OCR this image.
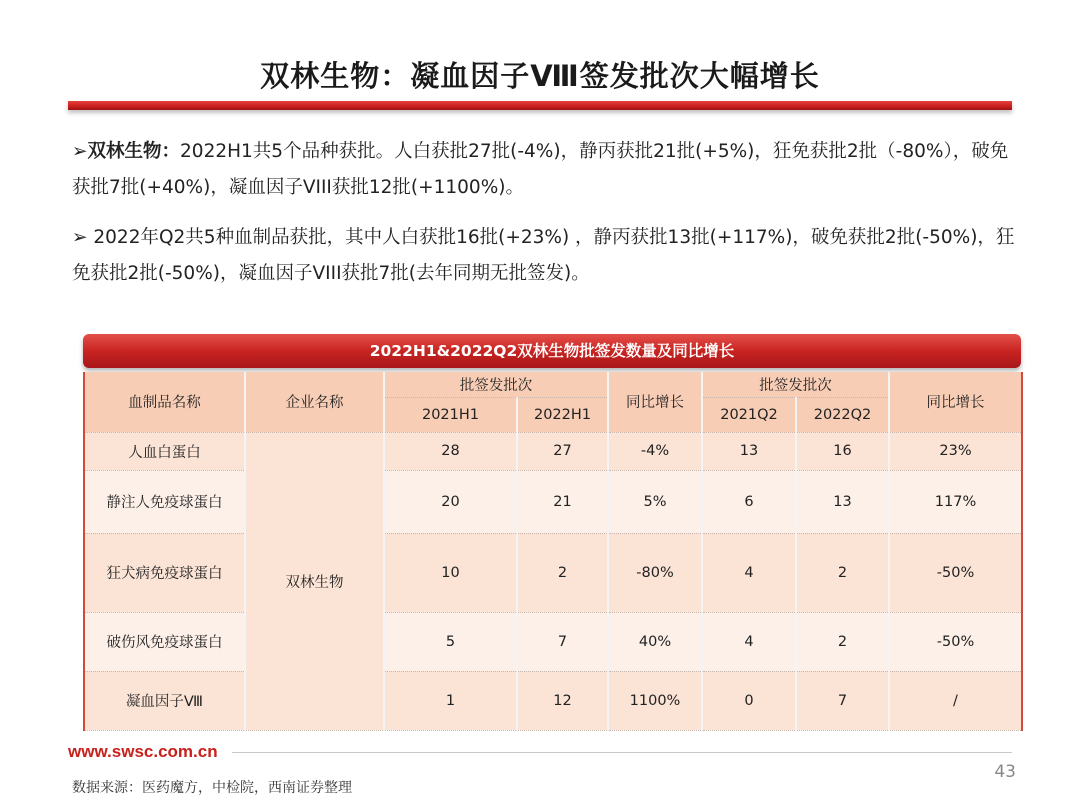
双林生物：凝血因子Ⅷ签发批次大幅增长
➢双林生物：2022H1共5个品种获批。人白获批27批(-4%)，静丙获批21批(+5%)，狂免获批2批（-80%），破免获批7批(+40%)，凝血因子VIII获批12批(+1100%)。
➢ 2022年Q2共5种血制品获批，其中人白获批16批(+23%) ，静丙获批13批(+117%)，破免获批2批(-50%)，狂免获批2批(-50%)，凝血因子VIII获批7批(去年同期无批签发)。
2022H1&2022Q2双林生物批签发数量及同比增长
血制品名称	企业名称	批签发批次		同比增长	批签发批次		同比增长
		2021H1	2022H1		2021Q2	2022Q2	
人血白蛋白	双林生物	28	27	-4%	13	16	23%
静注人免疫球蛋白		20	21	5%	6	13	117%
狂犬病免疫球蛋白		10	2	-80%	4	2	-50%
破伤风免疫球蛋白		5	7	40%	4	2	-50%
凝血因子Ⅷ		1	12	1100%	0	7	/
www.swsc.com.cn
数据来源：医药魔方，中检院，西南证券整理
43
